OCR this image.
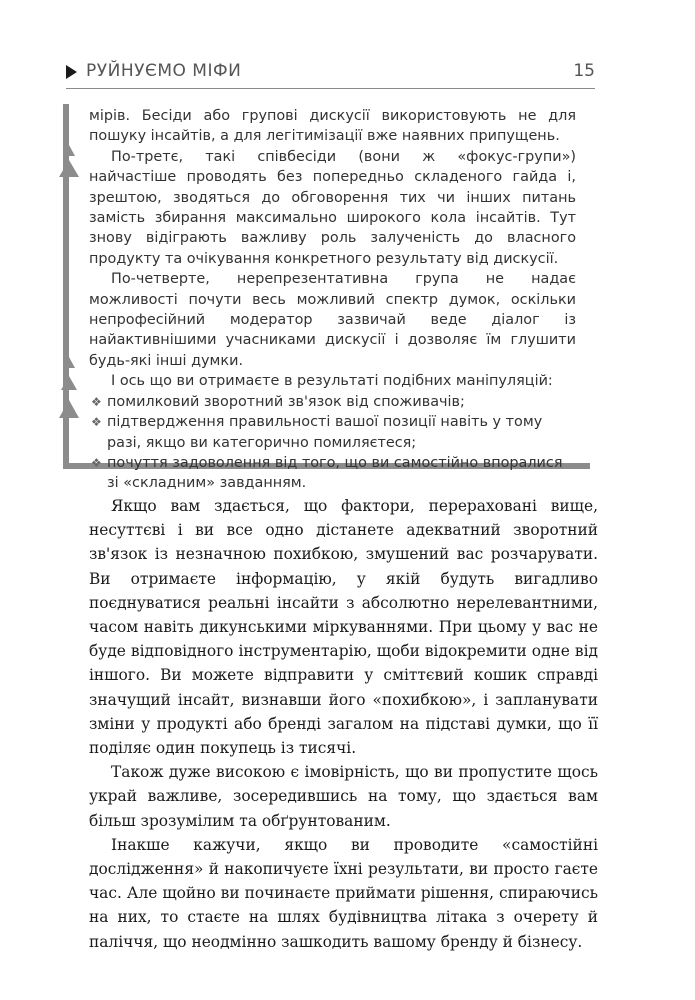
РУЙНУЄМО МІФИ	15

мірів. Бесіди або групові дискусії використовують не для пошуку інсайтів, а для легітимізації вже наявних припущень.

По-третє, такі співбесіди (вони ж «фокус-групи») найчастіше проводять без попередньо складеного гайда і, зрештою, зводяться до обговорення тих чи інших питань замість збирання максимально широкого кола інсайтів. Тут знову відіграють важливу роль залученість до власного продукту та очікування конкретного результату від дискусії.

По-четверте, нерепрезентативна група не надає можливості почути весь можливий спектр думок, оскільки непрофесійний модератор зазвичай веде діалог із найактивнішими учасниками дискусії і дозволяє їм глушити будь-які інші думки.

І ось що ви отримаєте в результаті подібних маніпуляцій:

❖ помилковий зворотний зв'язок від споживачів;
❖ підтвердження правильності вашої позиції навіть у тому разі, якщо ви категорично помиляєтеся;
❖ почуття задоволення від того, що ви самостійно впоралися зі «складним» завданням.

Якщо вам здається, що фактори, перераховані вище, несуттєві і ви все одно дістанете адекватний зворотний зв'язок із незначною похибкою, змушений вас розчарувати. Ви отримаєте інформацію, у якій будуть вигадливо поєднуватися реальні інсайти з абсолютно нерелевантними, часом навіть дикунськими міркуваннями. При цьому у вас не буде відповідного інструментарію, щоби відокремити одне від іншого. Ви можете відправити у сміттєвий кошик справді значущий інсайт, визнавши його «похибкою», і запланувати зміни у продукті або бренді загалом на підставі думки, що її поділяє один покупець із тисячі.

Також дуже високою є імовірність, що ви пропустите щось украй важливе, зосередившись на тому, що здається вам більш зрозумілим та обґрунтованим.

Інакше кажучи, якщо ви проводите «самостійні дослідження» й накопичуєте їхні результати, ви просто гаєте час. Але щойно ви починаєте приймати рішення, спираючись на них, то стаєте на шлях будівництва літака з очерету й паліччя, що неодмінно зашкодить вашому бренду й бізнесу.
